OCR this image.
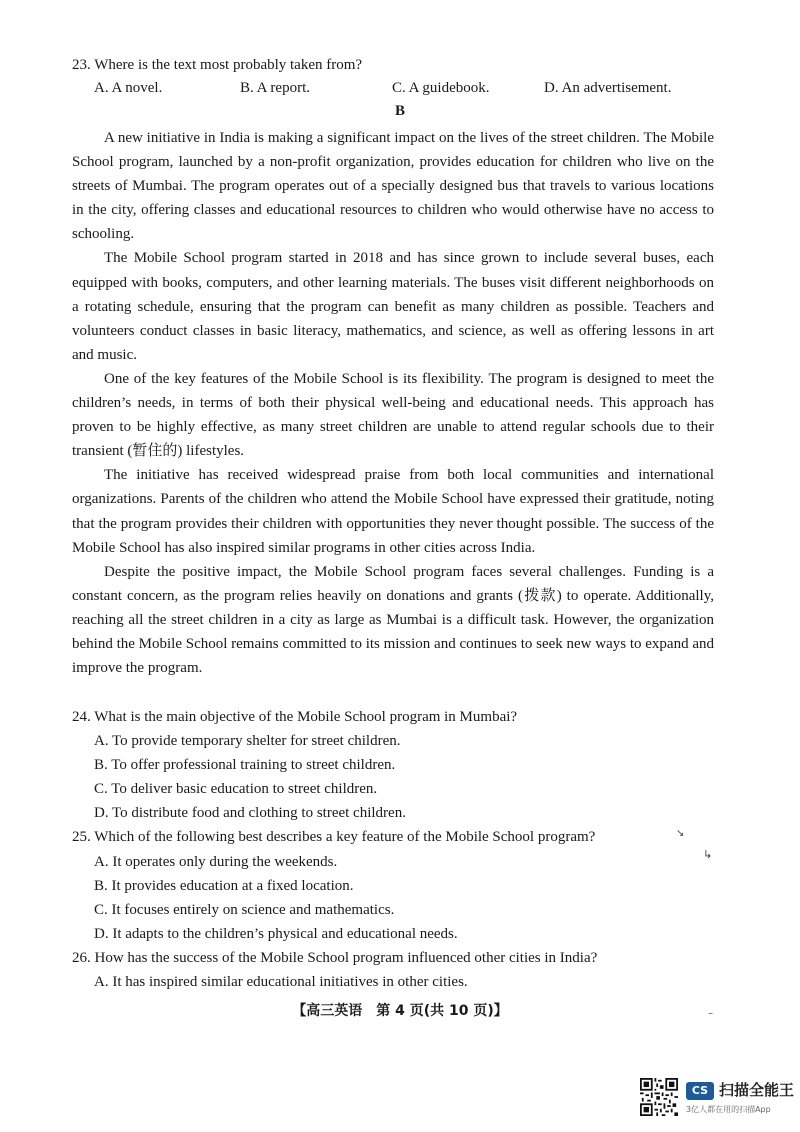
23. Where is the text most probably taken from?
A. A novel.	B. A report.	C. A guidebook.	D. An advertisement.
B

A new initiative in India is making a significant impact on the lives of the street children. The Mobile School program, launched by a non-profit organization, provides education for children who live on the streets of Mumbai. The program operates out of a specially designed bus that travels to various locations in the city, offering classes and educational resources to children who would otherwise have no access to schooling.

The Mobile School program started in 2018 and has since grown to include several buses, each equipped with books, computers, and other learning materials. The buses visit different neighborhoods on a rotating schedule, ensuring that the program can benefit as many children as possible. Teachers and volunteers conduct classes in basic literacy, mathematics, and science, as well as offering lessons in art and music.

One of the key features of the Mobile School is its flexibility. The program is designed to meet the children’s needs, in terms of both their physical well-being and educational needs. This approach has proven to be highly effective, as many street children are unable to attend regular schools due to their transient (暂住的) lifestyles.

The initiative has received widespread praise from both local communities and international organizations. Parents of the children who attend the Mobile School have expressed their gratitude, noting that the program provides their children with opportunities they never thought possible. The success of the Mobile School has also inspired similar programs in other cities across India.

Despite the positive impact, the Mobile School program faces several challenges. Funding is a constant concern, as the program relies heavily on donations and grants (拨款) to operate. Additionally, reaching all the street children in a city as large as Mumbai is a difficult task. However, the organization behind the Mobile School remains committed to its mission and continues to seek new ways to expand and improve the program.

24. What is the main objective of the Mobile School program in Mumbai?
A. To provide temporary shelter for street children.
B. To offer professional training to street children.
C. To deliver basic education to street children.
D. To distribute food and clothing to street children.
25. Which of the following best describes a key feature of the Mobile School program?
A. It operates only during the weekends.
B. It provides education at a fixed location.
C. It focuses entirely on science and mathematics.
D. It adapts to the children’s physical and educational needs.
26. How has the success of the Mobile School program influenced other cities in India?
A. It has inspired similar educational initiatives in other cities.
【高三英语　第 4 页(共 10 页)】
↘
↳
–
CS 扫描全能王
3亿人都在用的扫描App
